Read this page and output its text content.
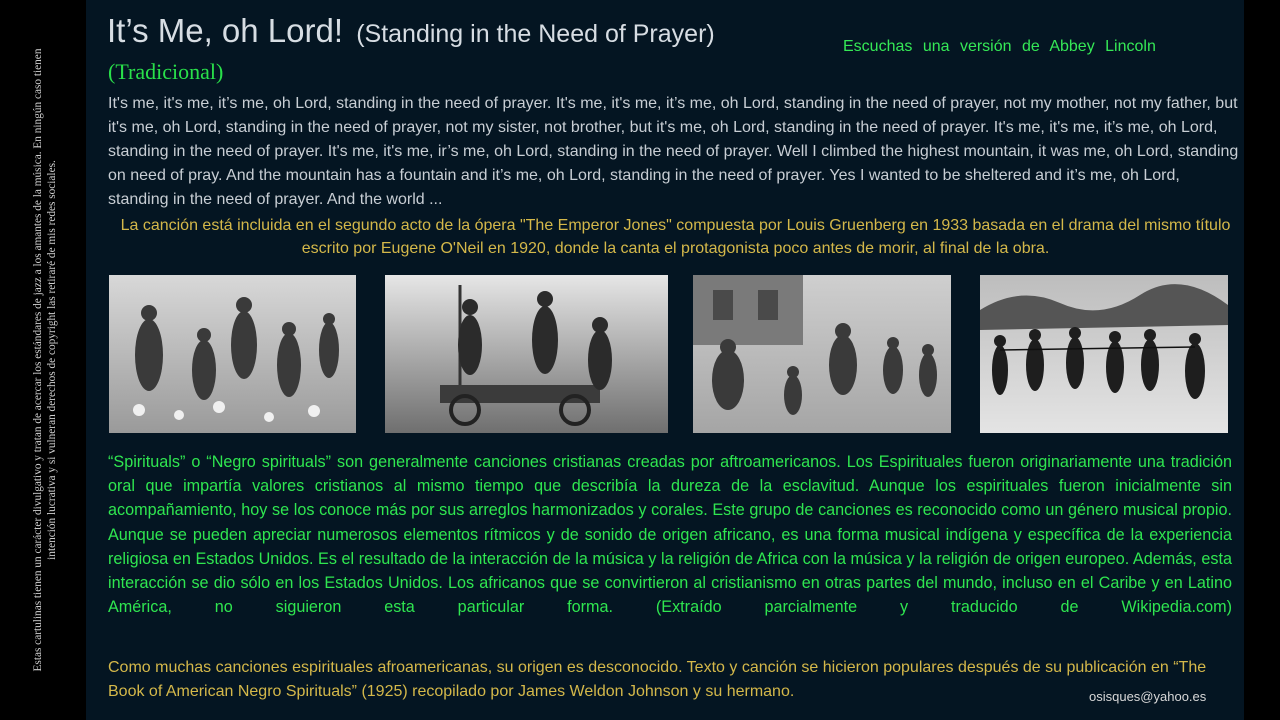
Estas cartulinas tienen un carácter divulgativo y tratan de acercar los estándares de jazz a los amantes de la música. En ningún caso tienen intención lucrativa y si vulneran derechos de copyright las retiraré de mis redes sociales.
It’s Me, oh Lord! (Standing in the Need of Prayer)
(Tradicional)
Escuchas una versión de Abbey Lincoln
It's me, it's me, it’s me, oh Lord, standing in the need of prayer. It's me, it's me, it’s me, oh Lord, standing in the need of prayer, not my mother, not my father, but it's me, oh Lord, standing in the need of prayer, not my sister, not brother, but it's me, oh Lord, standing in the need of prayer. It's me, it's me, it’s me, oh Lord, standing in the need of prayer. It's me, it's me, ir’s me, oh Lord, standing in the need of prayer. Well I climbed the highest mountain, it was me, oh Lord, standing on need of pray. And the mountain has a fountain and it’s me, oh Lord, standing in the need of prayer. Yes I wanted to be sheltered and it’s me, oh Lord, standing in the need of prayer. And the world ...
La canción está incluida en el segundo acto de la ópera "The Emperor Jones" compuesta por Louis Gruenberg en 1933 basada en el drama del mismo título escrito por Eugene O'Neil en 1920, donde la canta el protagonista poco antes de morir, al final de la obra.
“Spirituals” o “Negro spirituals” son generalmente canciones cristianas creadas por aftroamericanos. Los Espirituales fueron originariamente una tradición oral que impartía valores cristianos al mismo tiempo que describía la dureza de la esclavitud. Aunque los espirituales fueron inicialmente sin acompañamiento, hoy se los conoce más por sus arreglos harmonizados y corales. Este grupo de canciones es reconocido como un género musical propio. Aunque se pueden apreciar numerosos elementos rítmicos y de sonido de origen africano, es una forma musical indígena y específica de la experiencia religiosa en Estados Unidos. Es el resultado de la interacción de la música y la religión de Africa con la música y la religión de origen europeo. Además, esta interacción se dio sólo en los Estados Unidos. Los africanos que se convirtieron al cristianismo en otras partes del mundo, incluso en el Caribe y en Latino América, no siguieron esta particular forma. (Extraído parcialmente y traducido de Wikipedia.com)
Como muchas canciones espirituales afroamericanas, su origen es desconocido. Texto y canción se hicieron populares después de su publicación en “The Book of American Negro Spirituals” (1925) recopilado por James Weldon Johnson y su hermano.	osisques@yahoo.es
